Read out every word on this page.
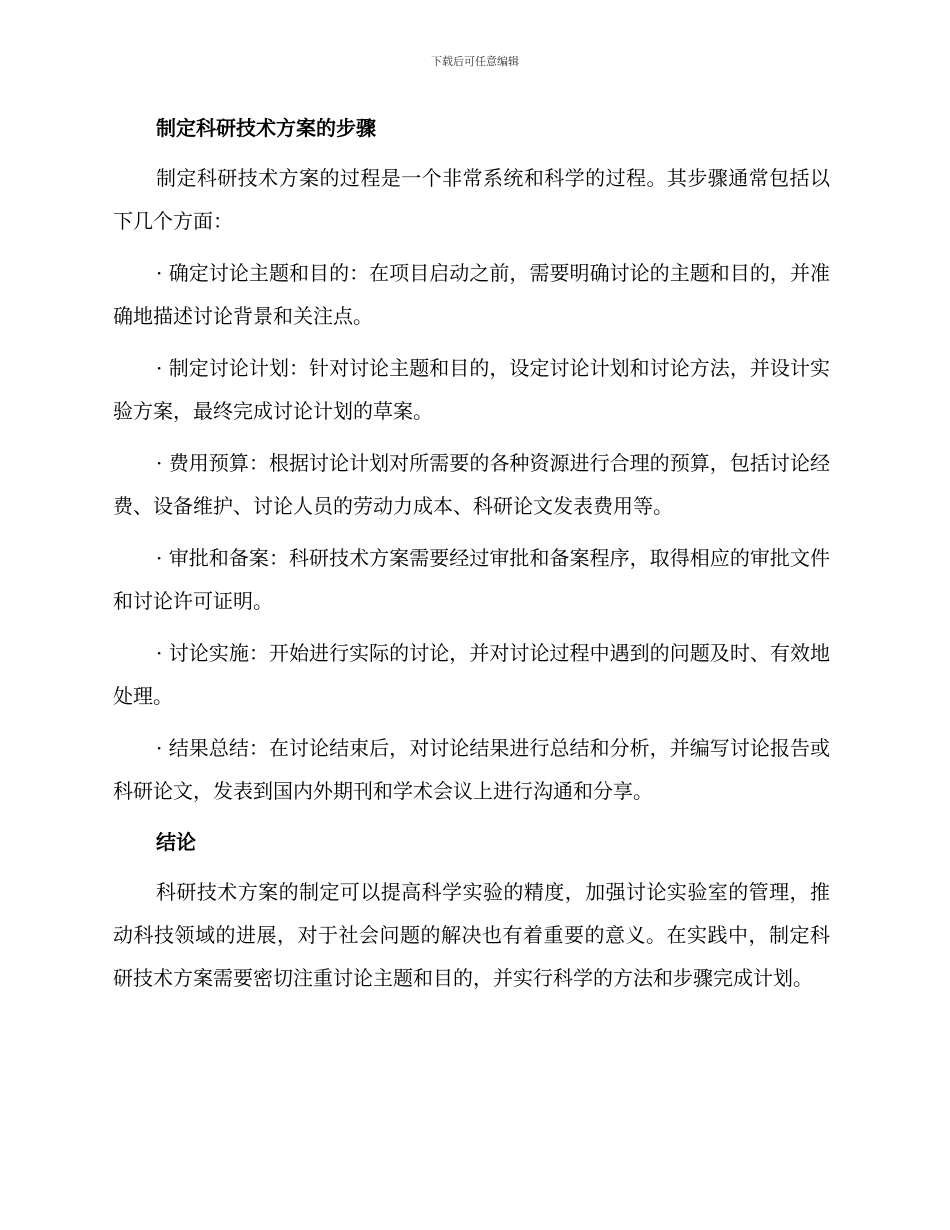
下载后可任意编辑
制定科研技术方案的步骤

制定科研技术方案的过程是一个非常系统和科学的过程。其步骤通常包括以下几个方面：

· 确定讨论主题和目的：在项目启动之前，需要明确讨论的主题和目的，并准确地描述讨论背景和关注点。

· 制定讨论计划：针对讨论主题和目的，设定讨论计划和讨论方法，并设计实验方案，最终完成讨论计划的草案。

· 费用预算：根据讨论计划对所需要的各种资源进行合理的预算，包括讨论经费、设备维护、讨论人员的劳动力成本、科研论文发表费用等。

· 审批和备案：科研技术方案需要经过审批和备案程序，取得相应的审批文件和讨论许可证明。

· 讨论实施：开始进行实际的讨论，并对讨论过程中遇到的问题及时、有效地处理。

· 结果总结：在讨论结束后，对讨论结果进行总结和分析，并编写讨论报告或科研论文，发表到国内外期刊和学术会议上进行沟通和分享。

结论

科研技术方案的制定可以提高科学实验的精度，加强讨论实验室的管理，推动科技领域的进展，对于社会问题的解决也有着重要的意义。在实践中，制定科研技术方案需要密切注重讨论主题和目的，并实行科学的方法和步骤完成计划。
